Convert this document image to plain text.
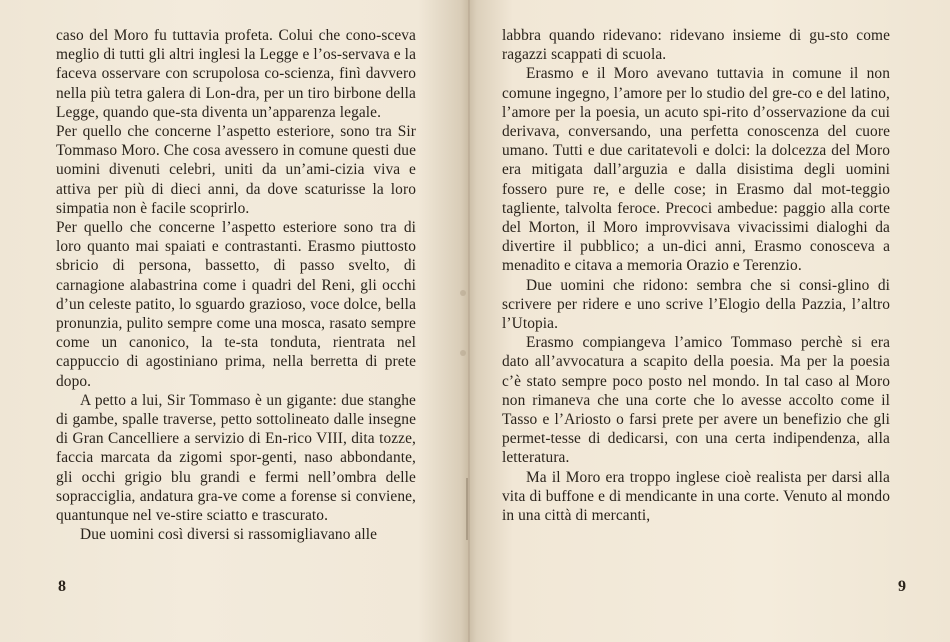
caso del Moro fu tuttavia profeta. Colui che cono-sceva meglio di tutti gli altri inglesi la Legge e l’os-servava e la faceva osservare con scrupolosa co-scienza, finì davvero nella più tetra galera di Lon-dra, per un tiro birbone della Legge, quando que-sta diventa un’apparenza legale.

Per quello che concerne l’aspetto esteriore, sono tra Sir Tommaso Moro. Che cosa avessero in comune questi due uomini divenuti celebri, uniti da un’ami-cizia viva e attiva per più di dieci anni, da dove scaturisse la loro simpatia non è facile scoprirlo.

Per quello che concerne l’aspetto esteriore sono tra di loro quanto mai spaiati e contrastanti. Erasmo piuttosto sbricio di persona, bassetto, di passo svelto, di carnagione alabastrina come i quadri del Reni, gli occhi d’un celeste patito, lo sguardo grazioso, voce dolce, bella pronunzia, pulito sempre come una mosca, rasato sempre come un canonico, la te-sta tonduta, rientrata nel cappuccio di agostiniano prima, nella berretta di prete dopo.

A petto a lui, Sir Tommaso è un gigante: due stanghe di gambe, spalle traverse, petto sottolineato dalle insegne di Gran Cancelliere a servizio di En-rico VIII, dita tozze, faccia marcata da zigomi spor-genti, naso abbondante, gli occhi grigio blu grandi e fermi nell’ombra delle sopracciglia, andatura gra-ve come a forense si conviene, quantunque nel ve-stire sciatto e trascurato.

Due uomini così diversi si rassomigliavano alle

8

labbra quando ridevano: ridevano insieme di gu-sto come ragazzi scappati di scuola.

Erasmo e il Moro avevano tuttavia in comune il non comune ingegno, l’amore per lo studio del gre-co e del latino, l’amore per la poesia, un acuto spi-rito d’osservazione da cui derivava, conversando, una perfetta conoscenza del cuore umano. Tutti e due caritatevoli e dolci: la dolcezza del Moro era mitigata dall’arguzia e dalla disistima degli uomini fossero pure re, e delle cose; in Erasmo dal mot-teggio tagliente, talvolta feroce. Precoci ambedue: paggio alla corte del Morton, il Moro improvvisava vivacissimi dialoghi da divertire il pubblico; a un-dici anni, Erasmo conosceva a menadito e citava a memoria Orazio e Terenzio.

Due uomini che ridono: sembra che si consi-glino di scrivere per ridere e uno scrive l’Elogio della Pazzia, l’altro l’Utopia.

Erasmo compiangeva l’amico Tommaso perchè si era dato all’avvocatura a scapito della poesia. Ma per la poesia c’è stato sempre poco posto nel mondo. In tal caso al Moro non rimaneva che una corte che lo avesse accolto come il Tasso e l’Ariosto o farsi prete per avere un benefizio che gli permet-tesse di dedicarsi, con una certa indipendenza, alla letteratura.

Ma il Moro era troppo inglese cioè realista per darsi alla vita di buffone e di mendicante in una corte. Venuto al mondo in una città di mercanti,

9
